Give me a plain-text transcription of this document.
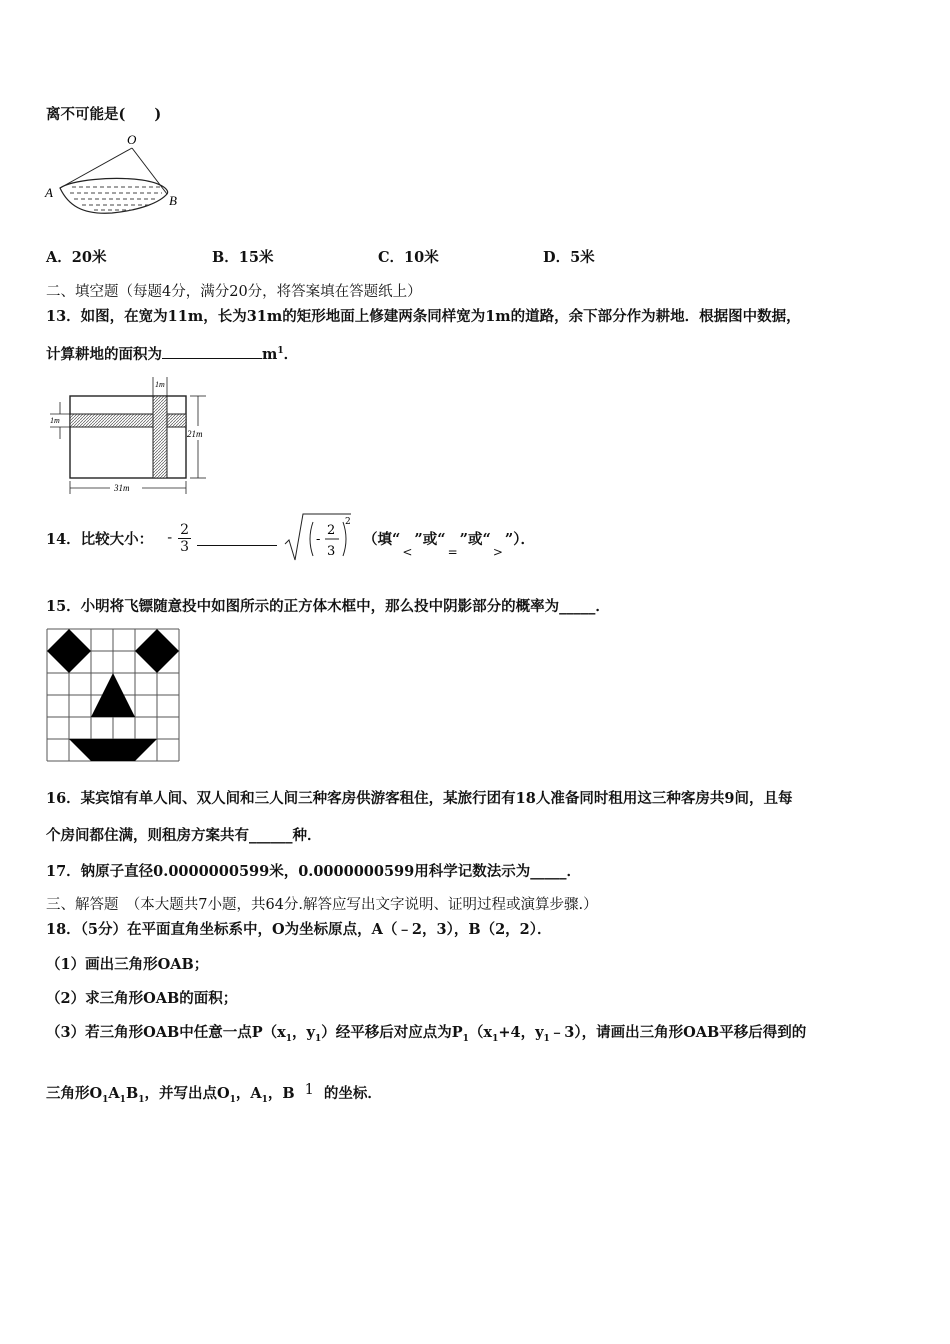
离不可能是(　　)
O
A
B
A．20米	B．15米	C．10米	D．5米
二、填空题（每题4分，满分20分，将答案填在答题纸上）
13．如图，在宽为11m，长为31m的矩形地面上修建两条同样宽为1m的道路，余下部分作为耕地．根据图中数据，
计算耕地的面积为	$m^1$．
1m
1m
21m
31m
14．比较大小： - $\frac{2}{3}$	-
2
3
2
（填“
<
”或“
=
”或“
>
”）．
15．小明将飞镖随意投中如图所示的正方体木框中，那么投中阴影部分的概率为_____．
16．某宾馆有单人间、双人间和三人间三种客房供游客租住，某旅行团有18人准备同时租用这三种客房共9间，且每
个房间都住满，则租房方案共有______种．
17．钠原子直径0.0000000599米，0.0000000599用科学记数法示为_____．
三、解答题　（本大题共7小题，共64分.解答应写出文字说明、证明过程或演算步骤.）
18．（5分）在平面直角坐标系中，O为坐标原点，A（﹣2，3），B（2，2）．
（1）画出三角形OAB；
（2）求三角形OAB的面积；
（3）若三角形OAB中任意一点$P(x_1$，$y_1$）经平移后对应点为$P_1(x_1+4$，$y_1﹣3$），请画出三角形OAB平移后得到的
三角形$O_1A_1B_1$，并写出点$O_1$，$A_1$，B 1 的坐标．
